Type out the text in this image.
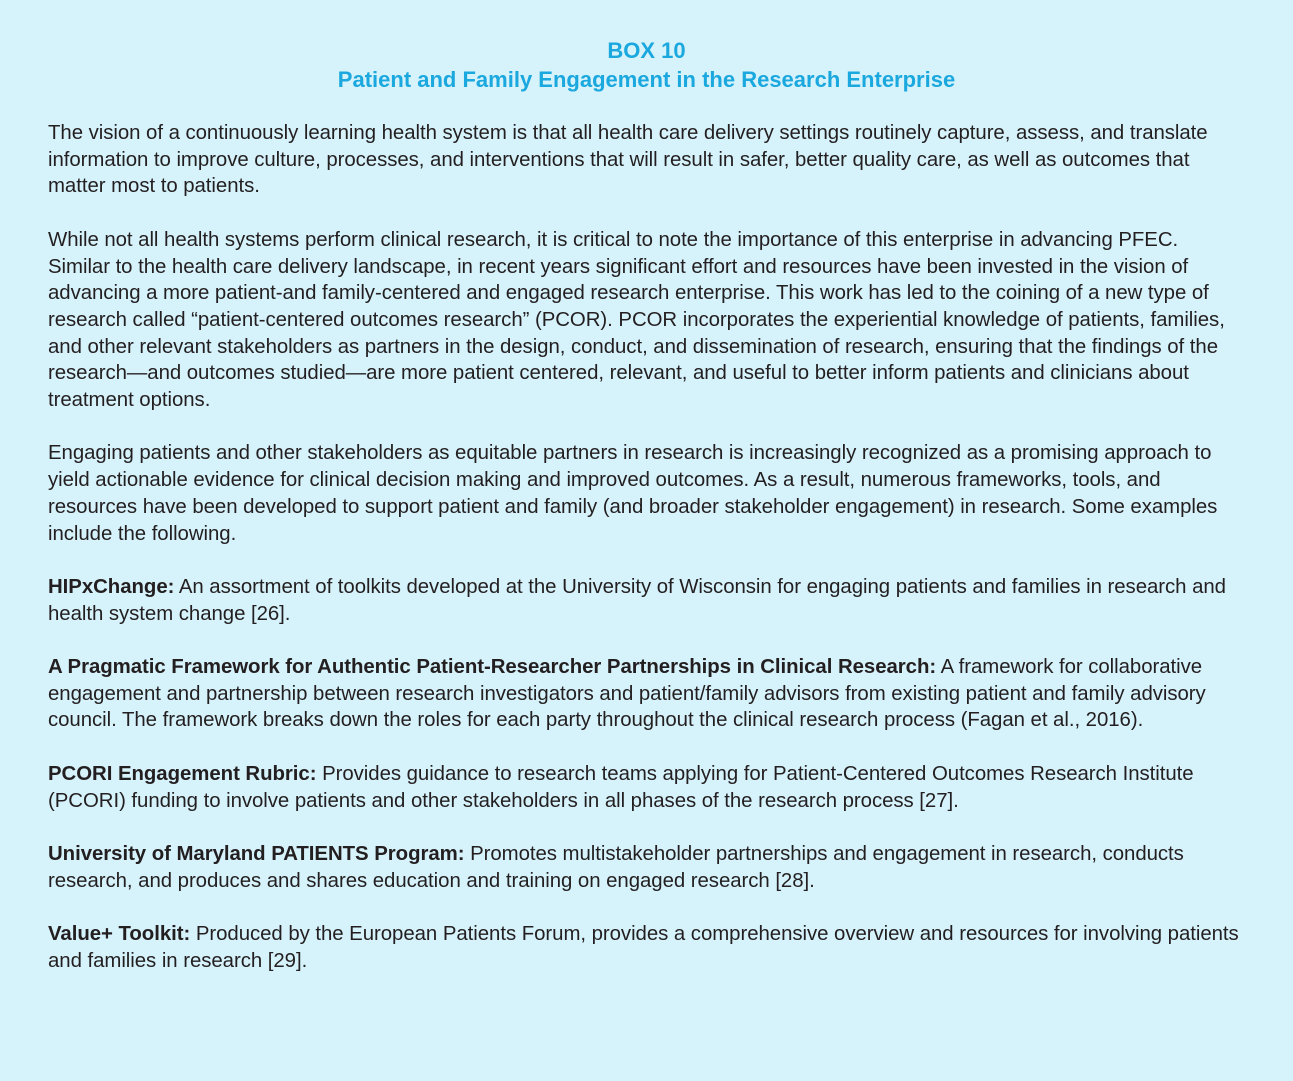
BOX 10
Patient and Family Engagement in the Research Enterprise

The vision of a continuously learning health system is that all health care delivery settings routinely capture, assess, and translate information to improve culture, processes, and interventions that will result in safer, better quality care, as well as outcomes that matter most to patients.

While not all health systems perform clinical research, it is critical to note the importance of this enterprise in advancing PFEC. Similar to the health care delivery landscape, in recent years significant effort and resources have been invested in the vision of advancing a more patient-and family-centered and engaged research enterprise. This work has led to the coining of a new type of research called “patient-centered outcomes research” (PCOR). PCOR incorporates the experiential knowledge of patients, families, and other relevant stakeholders as partners in the design, conduct, and dissemination of research, ensuring that the findings of the research—and outcomes studied—are more patient centered, relevant, and useful to better inform patients and clinicians about treatment options.

Engaging patients and other stakeholders as equitable partners in research is increasingly recognized as a promising approach to yield actionable evidence for clinical decision making and improved outcomes. As a result, numerous frameworks, tools, and resources have been developed to support patient and family (and broader stakeholder engagement) in research. Some examples include the following.

HIPxChange: An assortment of toolkits developed at the University of Wisconsin for engaging patients and families in research and health system change [26].

A Pragmatic Framework for Authentic Patient-Researcher Partnerships in Clinical Research: A framework for collaborative engagement and partnership between research investigators and patient/family advisors from existing patient and family advisory council. The framework breaks down the roles for each party throughout the clinical research process (Fagan et al., 2016).

PCORI Engagement Rubric: Provides guidance to research teams applying for Patient-Centered Outcomes Research Institute (PCORI) funding to involve patients and other stakeholders in all phases of the research process [27].

University of Maryland PATIENTS Program: Promotes multistakeholder partnerships and engagement in research, conducts research, and produces and shares education and training on engaged research [28].

Value+ Toolkit: Produced by the European Patients Forum, provides a comprehensive overview and resources for involving patients and families in research [29].
